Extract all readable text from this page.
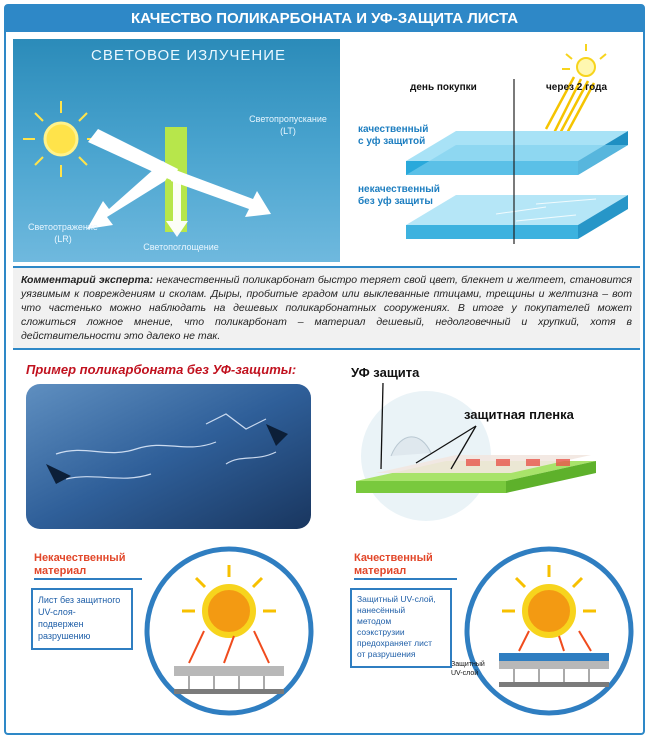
КАЧЕСТВО ПОЛИКАРБОНАТА И УФ-ЗАЩИТА ЛИСТА
СВЕТОВОЕ ИЗЛУЧЕНИЕ
Светопропускание
(LT)
Светоотражение
(LR)
Светопоглощение
день покупки	через 2 года
качественный
с уф защитой
некачественный
без уф защиты
Комментарий эксперта: некачественный поликарбонат быстро теряет свой цвет, блекнет и желтеет, становится уязвимым к повреждениям и сколам. Дыры, пробитые градом или выклеванные птицами, трещины и желтизна – вот что частенько можно наблюдать на дешевых поликарбонатных сооружениях. В итоге у покупателей может сложиться ложное мнение, что поликарбонат – материал дешевый, недолговечный и хрупкий, хотя в действительности это далеко не так.
Пример поликарбоната без УФ-защиты:	УФ защита
защитная пленка
Некачественный
материал
Лист без защитного
UV-слоя-
подвержен
разрушению
Защитный
UV-слой
Качественный
материал
Защитный UV-слой,
нанесённый
методом
соэкструзии
предохраняет лист
от разрушения
